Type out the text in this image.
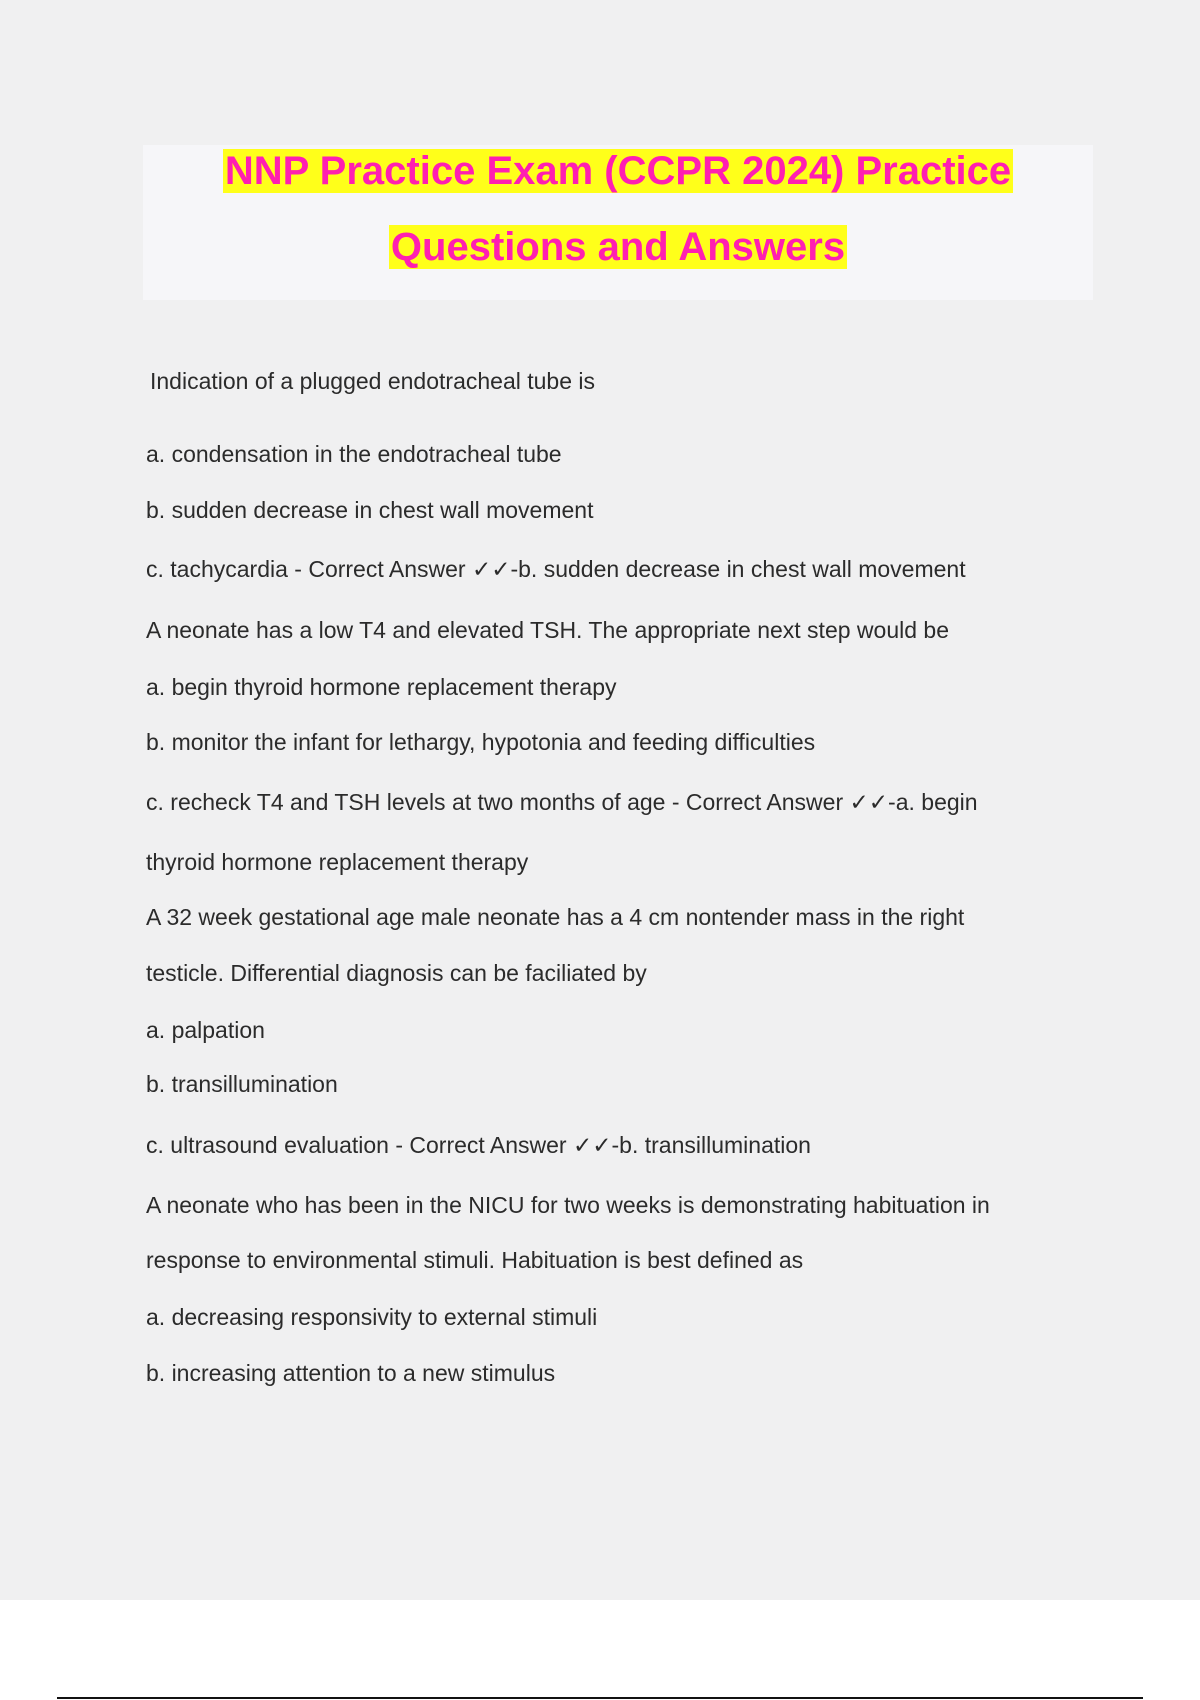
NNP Practice Exam (CCPR 2024) Practice
Questions and Answers
Indication of a plugged endotracheal tube is
a. condensation in the endotracheal tube
b. sudden decrease in chest wall movement
c. tachycardia - Correct Answer ✓✓-b. sudden decrease in chest wall movement
A neonate has a low T4 and elevated TSH. The appropriate next step would be
a. begin thyroid hormone replacement therapy
b. monitor the infant for lethargy, hypotonia and feeding difficulties
c. recheck T4 and TSH levels at two months of age - Correct Answer ✓✓-a. begin
thyroid hormone replacement therapy
A 32 week gestational age male neonate has a 4 cm nontender mass in the right
testicle. Differential diagnosis can be faciliated by
a. palpation
b. transillumination
c. ultrasound evaluation - Correct Answer ✓✓-b. transillumination
A neonate who has been in the NICU for two weeks is demonstrating habituation in
response to environmental stimuli. Habituation is best defined as
a. decreasing responsivity to external stimuli
b. increasing attention to a new stimulus
